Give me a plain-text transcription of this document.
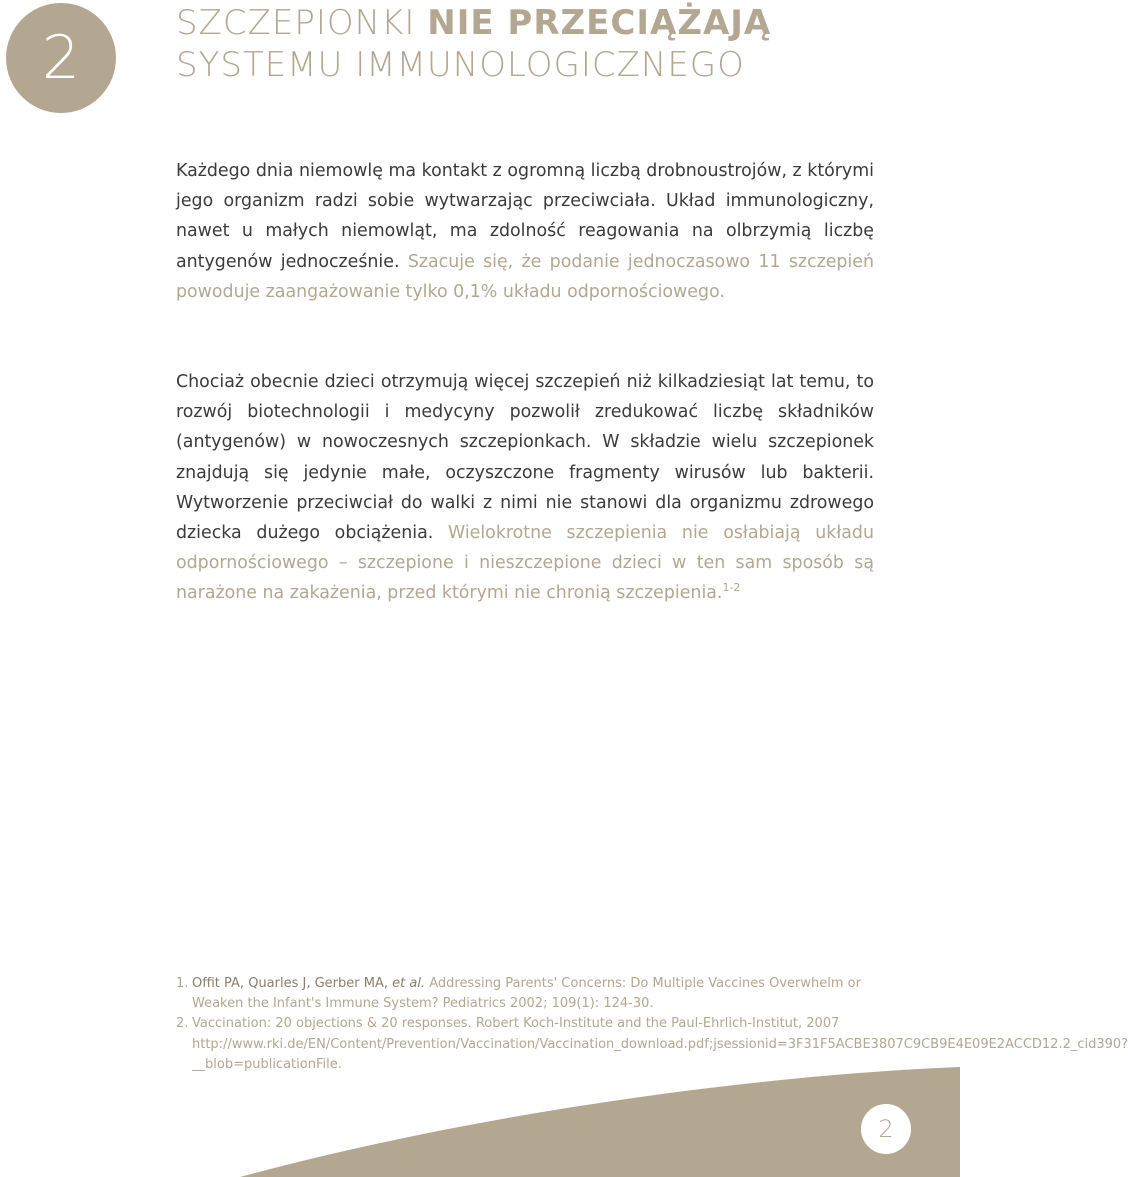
2	SZCZEPIONKI NIE PRZECIĄŻAJĄ
SYSTEMU IMMUNOLOGICZNEGO
Każdego dnia niemowlę ma kontakt z ogromną liczbą drobnoustrojów, z którymi jego organizm radzi sobie wytwarzając przeciwciała. Układ immunologiczny, nawet u małych niemowląt, ma zdolność reagowania na olbrzymią liczbę antygenów jednocześnie. Szacuje się, że podanie jednoczasowo 11 szczepień powoduje zaangażowanie tylko 0,1% układu odpornościowego.
Chociaż obecnie dzieci otrzymują więcej szczepień niż kilkadziesiąt lat temu, to rozwój biotechnologii i medycyny pozwolił zredukować liczbę składników (antygenów) w nowoczesnych szczepionkach. W składzie wielu szczepionek znajdują się jedynie małe, oczyszczone fragmenty wirusów lub bakterii. Wytworzenie przeciwciał do walki z nimi nie stanowi dla organizmu zdrowego dziecka dużego obciążenia. Wielokrotne szczepienia nie osłabiają układu odpornościowego – szczepione i nieszczepione dzieci w ten sam sposób są narażone na zakażenia, przed którymi nie chronią szczepienia.$^{1-2}$
1. Offit PA, Quarles J, Gerber MA, et al. Addressing Parents' Concerns: Do Multiple Vaccines Overwhelm or Weaken the Infant's Immune System? Pediatrics 2002; 109(1): 124-30.
2. Vaccination: 20 objections & 20 responses. Robert Koch-Institute and the Paul-Ehrlich-Institut, 2007 http://www.rki.de/EN/Content/Prevention/Vaccination/Vaccination_download.pdf;jsessionid=3F31F5ACBE3807C9CB9E4E09E2ACCD12.2_cid390?__blob=publicationFile.
2
